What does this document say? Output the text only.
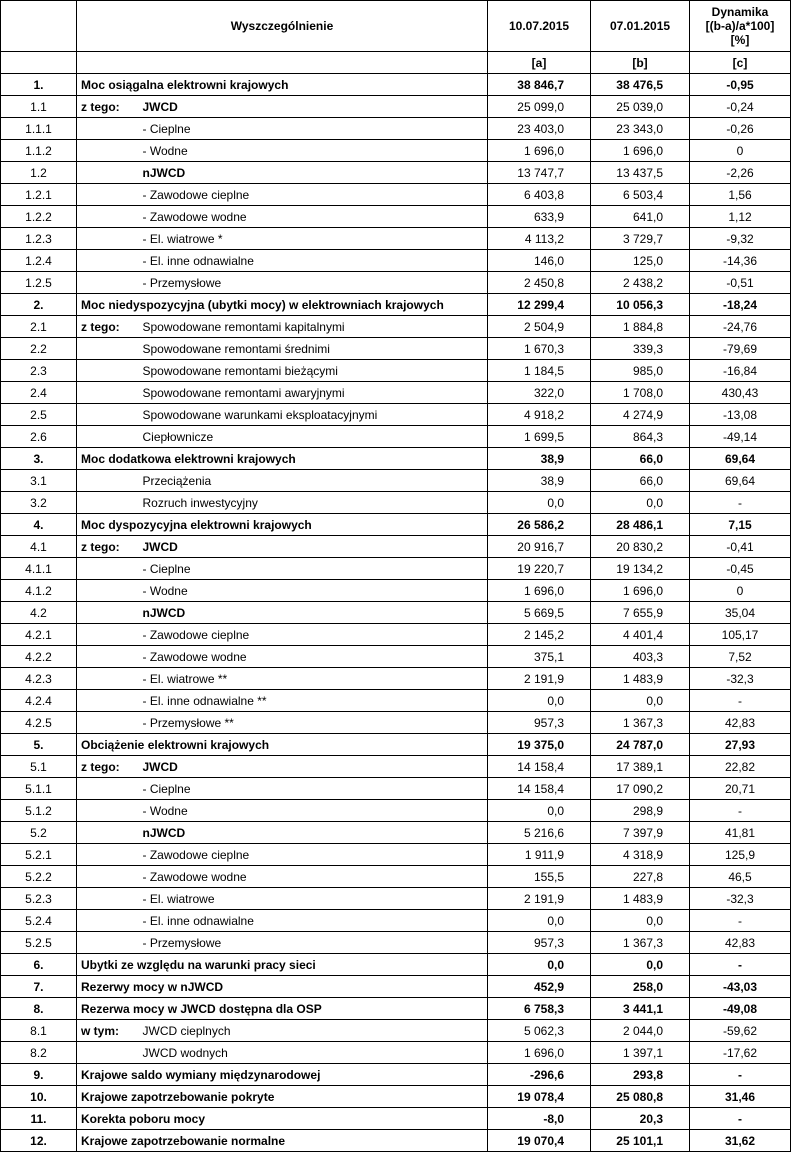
	Wyszczególnienie		10.07.2015	07.01.2015	Dynamika
[(b-a)/a*100]
[%]

			[a]	[b]	[c]
1.	Moc osiągalna elektrowni krajowych		38 846,7	38 476,5	-0,95
1.1	z tego:	JWCD	25 099,0	25 039,0	-0,24
1.1.1		- Cieplne	23 403,0	23 343,0	-0,26
1.1.2		- Wodne	1 696,0	1 696,0	0
1.2		nJWCD	13 747,7	13 437,5	-2,26
1.2.1		- Zawodowe cieplne	6 403,8	6 503,4	1,56
1.2.2		- Zawodowe wodne	633,9	641,0	1,12
1.2.3		- El. wiatrowe *	4 113,2	3 729,7	-9,32
1.2.4		- El. inne odnawialne	146,0	125,0	-14,36
1.2.5		- Przemysłowe	2 450,8	2 438,2	-0,51
2.	Moc niedyspozycyjna (ubytki mocy) w elektrowniach krajowych		12 299,4	10 056,3	-18,24
2.1	z tego:	Spowodowane remontami kapitalnymi	2 504,9	1 884,8	-24,76
2.2		Spowodowane remontami średnimi	1 670,3	339,3	-79,69
2.3		Spowodowane remontami bieżącymi	1 184,5	985,0	-16,84
2.4		Spowodowane remontami awaryjnymi	322,0	1 708,0	430,43
2.5		Spowodowane warunkami eksploatacyjnymi	4 918,2	4 274,9	-13,08
2.6		Ciepłownicze	1 699,5	864,3	-49,14
3.	Moc dodatkowa elektrowni krajowych		38,9	66,0	69,64
3.1		Przeciążenia	38,9	66,0	69,64
3.2		Rozruch inwestycyjny	0,0	0,0	-
4.	Moc dyspozycyjna elektrowni krajowych		26 586,2	28 486,1	7,15
4.1	z tego:	JWCD	20 916,7	20 830,2	-0,41
4.1.1		- Cieplne	19 220,7	19 134,2	-0,45
4.1.2		- Wodne	1 696,0	1 696,0	0
4.2		nJWCD	5 669,5	7 655,9	35,04
4.2.1		- Zawodowe cieplne	2 145,2	4 401,4	105,17
4.2.2		- Zawodowe wodne	375,1	403,3	7,52
4.2.3		- El. wiatrowe **	2 191,9	1 483,9	-32,3
4.2.4		- El. inne odnawialne **	0,0	0,0	-
4.2.5		- Przemysłowe **	957,3	1 367,3	42,83
5.	Obciążenie elektrowni krajowych		19 375,0	24 787,0	27,93
5.1	z tego:	JWCD	14 158,4	17 389,1	22,82
5.1.1		- Cieplne	14 158,4	17 090,2	20,71
5.1.2		- Wodne	0,0	298,9	-
5.2		nJWCD	5 216,6	7 397,9	41,81
5.2.1		- Zawodowe cieplne	1 911,9	4 318,9	125,9
5.2.2		- Zawodowe wodne	155,5	227,8	46,5
5.2.3		- El. wiatrowe	2 191,9	1 483,9	-32,3
5.2.4		- El. inne odnawialne	0,0	0,0	-
5.2.5		- Przemysłowe	957,3	1 367,3	42,83
6.	Ubytki ze względu na warunki pracy sieci		0,0	0,0	-
7.	Rezerwy mocy w nJWCD		452,9	258,0	-43,03
8.	Rezerwa mocy w JWCD dostępna dla OSP		6 758,3	3 441,1	-49,08
8.1	w tym:	JWCD cieplnych	5 062,3	2 044,0	-59,62
8.2		JWCD wodnych	1 696,0	1 397,1	-17,62
9.	Krajowe saldo wymiany międzynarodowej		-296,6	293,8	-
10.	Krajowe zapotrzebowanie pokryte		19 078,4	25 080,8	31,46
11.	Korekta poboru mocy		-8,0	20,3	-
12.	Krajowe zapotrzebowanie normalne		19 070,4	25 101,1	31,62
